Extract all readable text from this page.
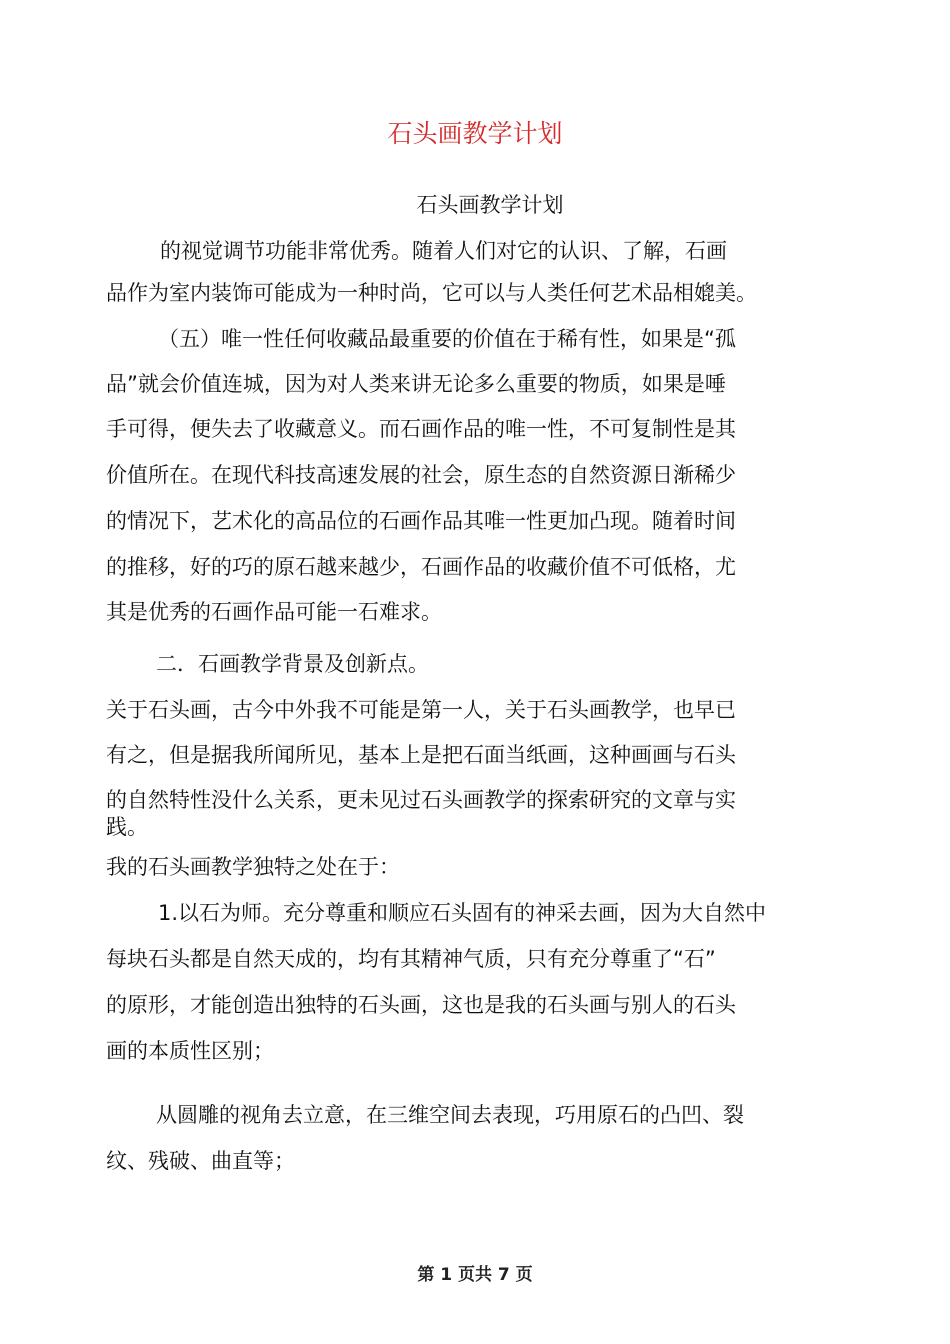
石头画教学计划
石头画教学计划
的视觉调节功能非常优秀。随着人们对它的认识、了解，石画
品作为室内装饰可能成为一种时尚，它可以与人类任何艺术品相媲美。
（五）唯一性任何收藏品最重要的价值在于稀有性，如果是“孤
品”就会价值连城，因为对人类来讲无论多么重要的物质，如果是唾
手可得，便失去了收藏意义。而石画作品的唯一性，不可复制性是其
价值所在。在现代科技高速发展的社会，原生态的自然资源日渐稀少
的情况下，艺术化的高品位的石画作品其唯一性更加凸现。随着时间
的推移，好的巧的原石越来越少，石画作品的收藏价值不可低格，尤
其是优秀的石画作品可能一石难求。
二．石画教学背景及创新点。
关于石头画，古今中外我不可能是第一人，关于石头画教学，也早已
有之，但是据我所闻所见，基本上是把石面当纸画，这种画画与石头
的自然特性没什么关系，更未见过石头画教学的探索研究的文章与实
践。
我的石头画教学独特之处在于：
1.以石为师。充分尊重和顺应石头固有的神采去画，因为大自然中
每块石头都是自然天成的，均有其精神气质，只有充分尊重了“石”
的原形，才能创造出独特的石头画，这也是我的石头画与别人的石头
画的本质性区别；
从圆雕的视角去立意，在三维空间去表现，巧用原石的凸凹、裂
纹、残破、曲直等；
第 1 页共 7 页
